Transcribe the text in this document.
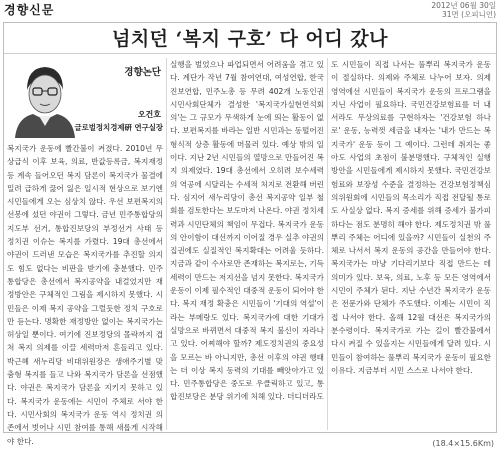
경향신문	2012년 06월 30일
31면 (오피니언)
넘치던 ‘복지 구호’ 다 어디 갔나
경향논단
오건호
글로벌정치경제硏 연구실장
복지국가 운동에 빨간불이 켜졌다. 2010년 무상급식 이후 보육, 의료, 반값등록금, 복지재정 등 계속 들어오던 복지 담론이 복지국가 물결에 밀려 급하게 끓어 잃은 일시적 현상으로 보기엔 시민들에게 오는 심상치 않다. 우선 보편복지의 선봉에 섰던 야권이 그렇다. 금년 민주통합당의 지도부 선거, 통합진보당의 부정선거 사태 등 정치권 이슈는 복지를 가렸다. 19대 총선에서 야권이 드러낸 모습은 복지국가를 추진할 의지도 힘도 없다는 비판을 받기에 충분했다. 민주통합당은 총선에서 복지공약을 내걸었지만 재정방안은 구체적인 그림을 제시하지 못했다. 시민들은 이제 복지 공약을 그럴듯한 정치 구호로만 듣는다. 명확한 재정방안 없이는 복지국가는 허상일 뿐이다. 여기에 진보정당의 몰락까지 겹쳐 복지 의제를 이끌 세력마저 흔들리고 있다. 박근혜 새누리당 비대위원장은 생애주기별 맞춤형 복지를 들고 나와 복지국가 담론을 선점했다. 야권은 복지국가 담론을 지키지 못하고 있다. 복지국가 운동에는 시민이 주체로 서야 한다. 시민사회의 복지국가 운동 역시 정치권 의존에서 벗어나 시민 참여를 통해 새롭게 시작해야 한다.
실행을 벌었으나 파업되면서 어려움을 겪고 있다. 계단가 작년 7월 참여연대, 여성연합, 한국진보연합, 민주노총 등 무려 402개 노동인권 시민사회단체가 결성한 '복지국가실현연석회의'는 그 규모가 무색하게 눈에 띄는 활동이 없다. 보편복지를 바라는 일반 시민과는 동떨어진 형식적 상층 활동에 머물러 있다. 예상 밖의 일이다. 지난 2년 시민들의 열망으로 만들어진 복지 의제였다. 19대 총선에서 오히려 보수세력의 역공에 시달리는 수세적 처지로 전환해 버린다. 심지어 새누리당이 총선 복지공약 일부 철회를 검토한다는 보도마저 나온다. 야권 정치세력과 시민단체의 책임이 무겁다. 복지국가 운동의 안이함이 대선까지 이어질 경우 실추 야권의 집권에도 실질적인 복지확대는 어려울 듯하다. 지금과 같이 수사로만 존재하는 복지로는, 기득세력이 만드는 저지선을 넘지 못한다. 복지국가 운동이 이제 필수적인 대중적 운동이 되어야 한다. 복지 재정 확충은 시민들이 '기대의 역설'이라는 부메랑도 있다. 복지국가에 대한 기대가 실망으로 바뀌면서 대중적 복지 불신이 자라나고 있다. 어찌해야 할까? 제도정치권의 중요성을 모르는 바 아니지만, 총선 이후의 야권 행태는 더 이상 복지 동력의 기대를 빼앗아가고 있다. 민주통합당은 중도로 우클릭하고 있고, 통합진보당은 분당 위기에 처해 있다. 더디더라도
도 시민들이 직접 나서는 풀뿌리 복지국가 운동이 절실하다. 의제와 주체로 나누어 보자. 의제 영역에선 시민들이 복지국가 운동의 프로그램을 지닌 사업이 필요하다. 국민건강보험료를 더 내서라도 무상의료를 구현하자는 '건강보험 하나로' 운동, 능력껏 세금을 내자는 '내가 만드는 복지국가' 운동 등이 그 예이다. 그런데 취지는 좋아도 사업의 초점이 불분명했다. 구체적인 실행방안을 시민들에게 제시하지 못했다. 국민건강보험료와 보장성 수준을 결정하는 건강보험정책심의위원회에 시민들의 목소리가 직접 전달될 통로도 사실상 없다. 복지 증세를 위해 증세가 불가피하다는 점도 분명히 해야 한다. 제도정치권 밖 풀뿌리 주체는 어디에 있을까? 시민들이 실천의 주체로 나서서 복지 운동의 공간을 만들어야 한다. 복지국가는 마냥 기다리기보다 직접 만드는 데 의미가 있다. 보육, 의료, 노후 등 모든 영역에서 시민이 주체가 된다. 지난 수년간 복지국가 운동은 전문가와 단체가 주도했다. 이제는 시민이 직접 나서야 한다. 올해 12월 대선은 복지국가의 분수령이다. 복지국가로 가는 길이 빨간불에서 다시 켜질 수 있을지는 시민들에게 달려 있다. 시민들이 참여하는 풀뿌리 복지국가 운동이 필요한 이유다. 지금부터 시민 스스로 나서야 한다.
(18.4×15.6Km)
